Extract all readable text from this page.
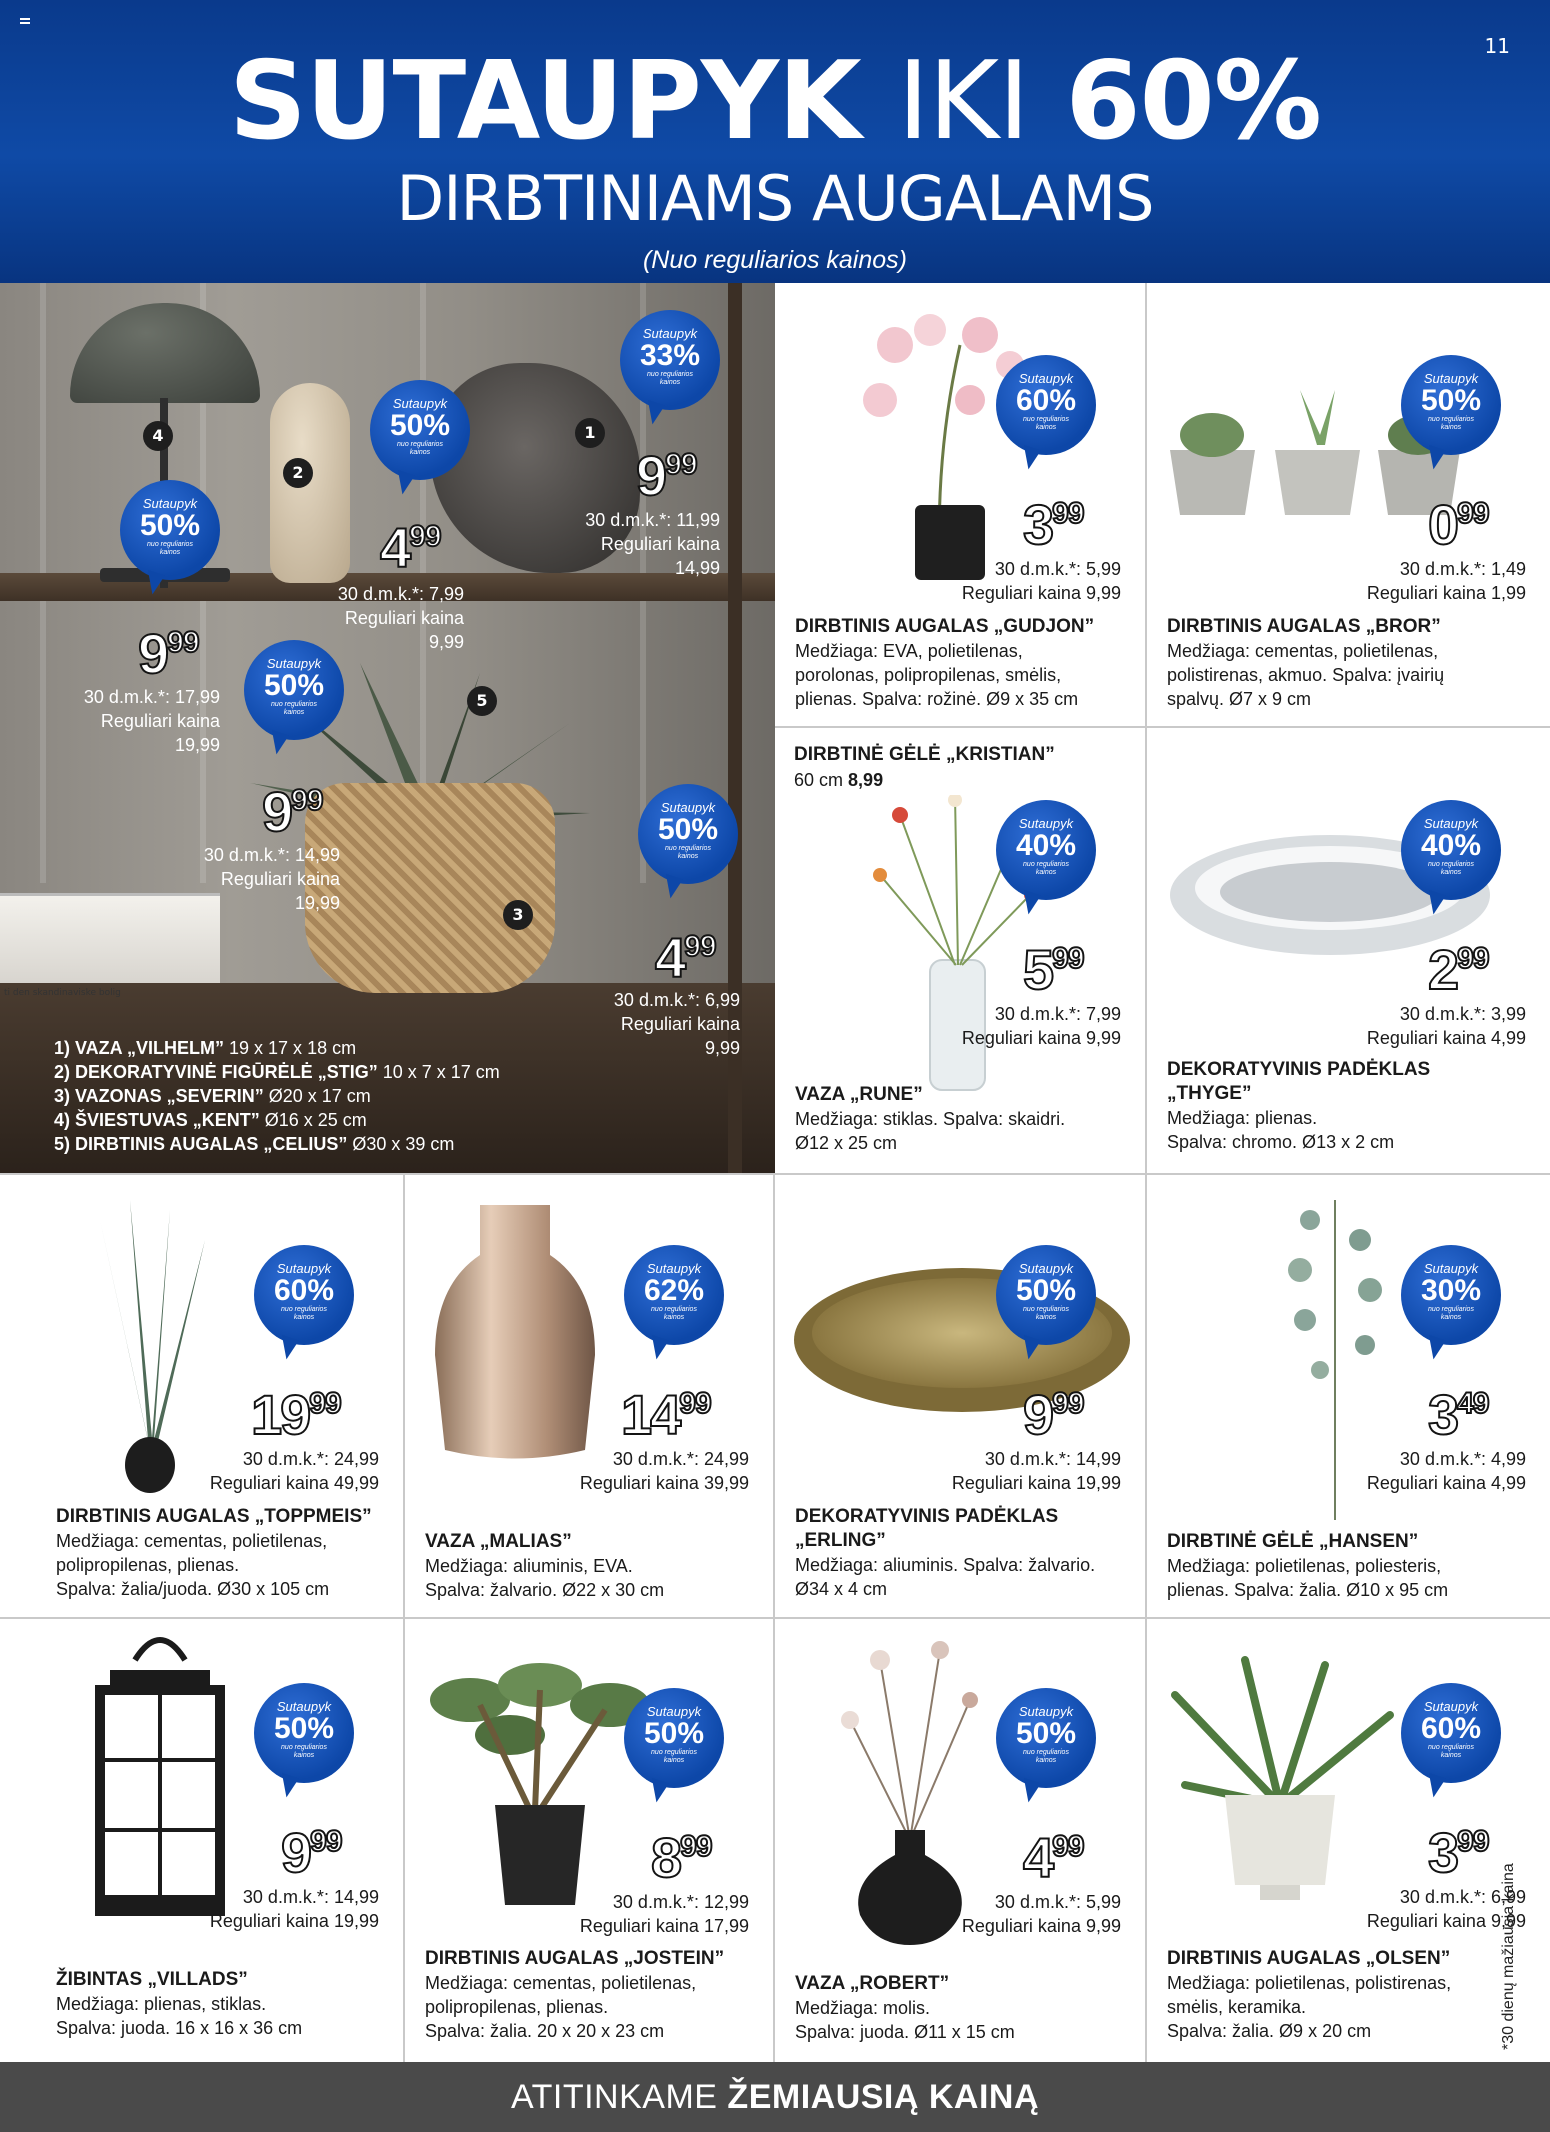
11
SUTAUPYK IKI 60%
DIRBTINIAMS AUGALAMS
(Nuo reguliarios kainos)
ti den skandinaviske bolig
1
2
3
4
5
Sutaupyk
33%
nuo reguliarios
kainos
999
30 d.m.k.*: 11,99
Reguliari kaina
14,99
Sutaupyk
50%
nuo reguliarios
kainos
499
30 d.m.k.*: 7,99
Reguliari kaina
9,99
Sutaupyk
50%
nuo reguliarios
kainos
999
30 d.m.k.*: 17,99
Reguliari kaina
19,99
Sutaupyk
50%
nuo reguliarios
kainos
999
30 d.m.k.*: 14,99
Reguliari kaina
19,99
Sutaupyk
50%
nuo reguliarios
kainos
499
30 d.m.k.*: 6,99
Reguliari kaina
9,99
1) VAZA „VILHELM” 19 x 17 x 18 cm
2) DEKORATYVINĖ FIGŪRĖLĖ „STIG” 10 x 7 x 17 cm
3) VAZONAS „SEVERIN” Ø20 x 17 cm
4) ŠVIESTUVAS „KENT” Ø16 x 25 cm
5) DIRBTINIS AUGALAS „CELIUS” Ø30 x 39 cm
Sutaupyk
60%
nuo reguliarios
kainos
399
30 d.m.k.*: 5,99
Reguliari kaina 9,99
DIRBTINIS AUGALAS „GUDJON”
Medžiaga: EVA, polietilenas,
porolonas, polipropilenas, smėlis,
plienas. Spalva: rožinė. Ø9 x 35 cm
Sutaupyk
50%
nuo reguliarios
kainos
099
30 d.m.k.*: 1,49
Reguliari kaina 1,99
DIRBTINIS AUGALAS „BROR”
Medžiaga: cementas, polietilenas,
polistirenas, akmuo. Spalva: įvairių
spalvų. Ø7 x 9 cm
Sutaupyk
40%
nuo reguliarios
kainos
599
30 d.m.k.*: 7,99
Reguliari kaina 9,99
VAZA „RUNE”
Medžiaga: stiklas. Spalva: skaidri.
Ø12 x 25 cm
Sutaupyk
40%
nuo reguliarios
kainos
299
30 d.m.k.*: 3,99
Reguliari kaina 4,99
DEKORATYVINIS PADĖKLAS
„THYGE”
Medžiaga: plienas.
Spalva: chromo. Ø13 x 2 cm
Sutaupyk
60%
nuo reguliarios
kainos
1999
30 d.m.k.*: 24,99
Reguliari kaina 49,99
DIRBTINIS AUGALAS „TOPPMEIS”
Medžiaga: cementas, polietilenas,
polipropilenas, plienas.
Spalva: žalia/juoda. Ø30 x 105 cm
Sutaupyk
62%
nuo reguliarios
kainos
1499
30 d.m.k.*: 24,99
Reguliari kaina 39,99
VAZA „MALIAS”
Medžiaga: aliuminis, EVA.
Spalva: žalvario. Ø22 x 30 cm
Sutaupyk
50%
nuo reguliarios
kainos
999
30 d.m.k.*: 14,99
Reguliari kaina 19,99
DEKORATYVINIS PADĖKLAS
„ERLING”
Medžiaga: aliuminis. Spalva: žalvario.
Ø34 x 4 cm
Sutaupyk
30%
nuo reguliarios
kainos
349
30 d.m.k.*: 4,99
Reguliari kaina 4,99
DIRBTINĖ GĖLĖ „HANSEN”
Medžiaga: polietilenas, poliesteris,
plienas. Spalva: žalia. Ø10 x 95 cm
Sutaupyk
50%
nuo reguliarios
kainos
999
30 d.m.k.*: 14,99
Reguliari kaina 19,99
ŽIBINTAS „VILLADS”
Medžiaga: plienas, stiklas.
Spalva: juoda. 16 x 16 x 36 cm
Sutaupyk
50%
nuo reguliarios
kainos
899
30 d.m.k.*: 12,99
Reguliari kaina 17,99
DIRBTINIS AUGALAS „JOSTEIN”
Medžiaga: cementas, polietilenas,
polipropilenas, plienas.
Spalva: žalia. 20 x 20 x 23 cm
Sutaupyk
50%
nuo reguliarios
kainos
499
30 d.m.k.*: 5,99
Reguliari kaina 9,99
VAZA „ROBERT”
Medžiaga: molis.
Spalva: juoda. Ø11 x 15 cm
Sutaupyk
60%
nuo reguliarios
kainos
399
30 d.m.k.*: 6,99
Reguliari kaina 9,99
DIRBTINIS AUGALAS „OLSEN”
Medžiaga: polietilenas, polistirenas,
smėlis, keramika.
Spalva: žalia. Ø9 x 20 cm
DIRBTINĖ GĖLĖ „KRISTIAN”
60 cm 8,99
*30 dienų mažiausia kaina
ATITINKAME ŽEMIAUSIĄ KAINĄ
